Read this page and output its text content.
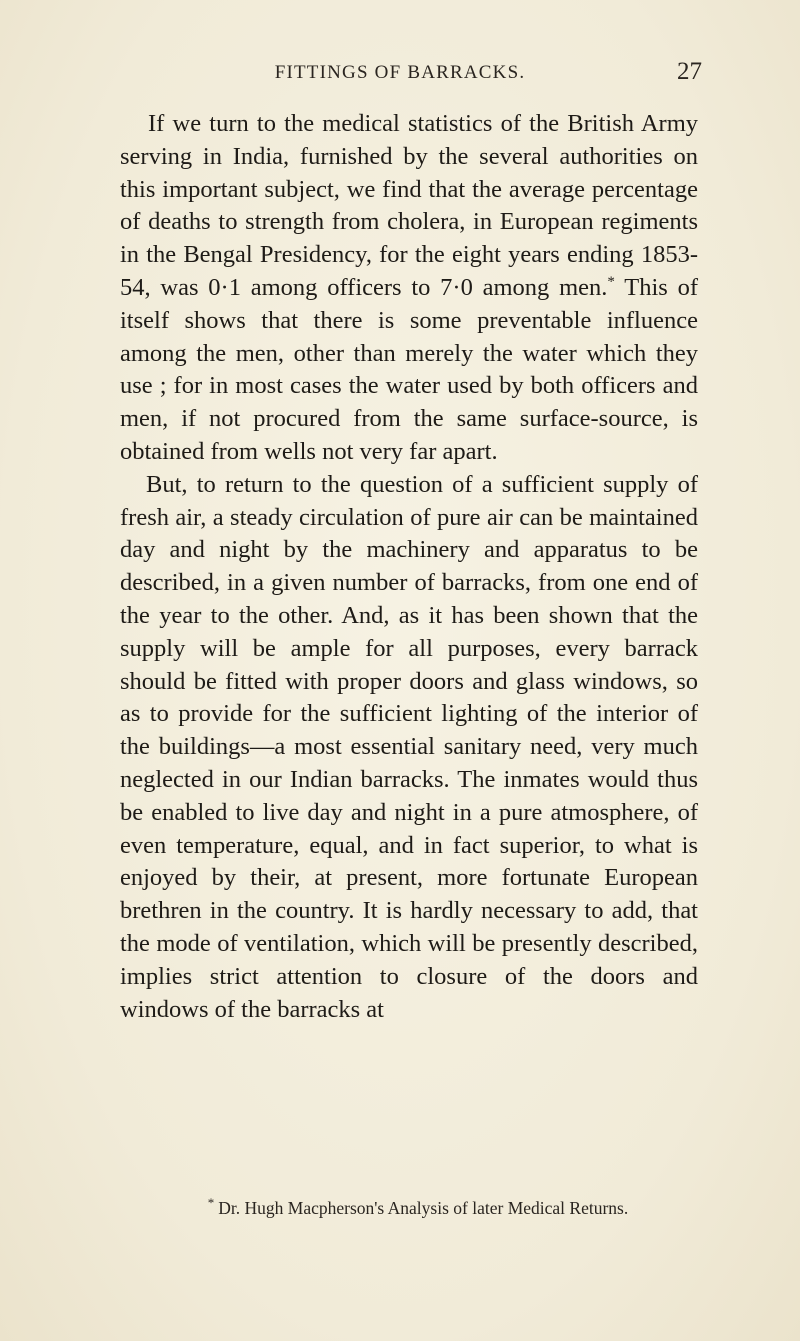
FITTINGS OF BARRACKS.	27

If we turn to the medical statistics of the British Army serving in India, furnished by the several authorities on this important subject, we find that the average percentage of deaths to strength from cholera, in European regiments in the Bengal Presidency, for the eight years ending 1853-54, was 0·1 among officers to 7·0 among men.* This of itself shows that there is some preventable influence among the men, other than merely the water which they use ; for in most cases the water used by both officers and men, if not procured from the same surface-source, is obtained from wells not very far apart.

But, to return to the question of a sufficient supply of fresh air, a steady circulation of pure air can be maintained day and night by the machinery and apparatus to be described, in a given number of barracks, from one end of the year to the other. And, as it has been shown that the supply will be ample for all purposes, every barrack should be fitted with proper doors and glass windows, so as to provide for the sufficient lighting of the interior of the buildings—a most essential sanitary need, very much neglected in our Indian barracks. The inmates would thus be enabled to live day and night in a pure atmosphere, of even temperature, equal, and in fact superior, to what is enjoyed by their, at present, more fortunate European brethren in the country. It is hardly necessary to add, that the mode of ventilation, which will be presently described, implies strict attention to closure of the doors and windows of the barracks at

* Dr. Hugh Macpherson's Analysis of later Medical Returns.
